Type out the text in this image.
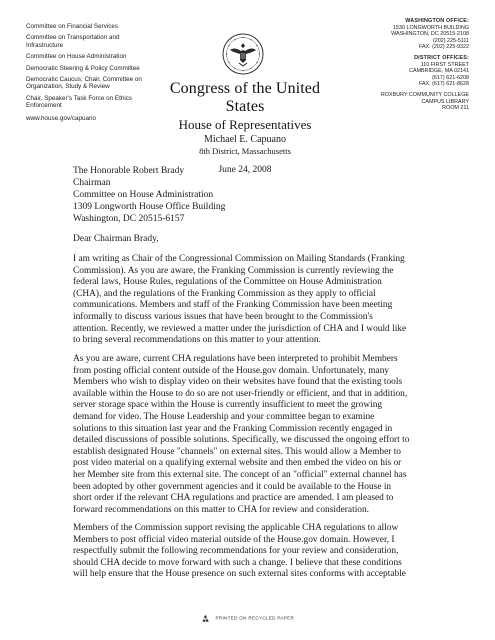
Committee on Financial Services
Committee on Transportation and Infrastructure
Committee on House Administration
Democratic Steering & Policy Committee
Democratic Caucus; Chair, Committee on Organization, Study & Review
Chair, Speaker's Task Force on Ethics Enforcement
www.house.gov/capuano
Congress of the United States
House of Representatives
Michael E. Capuano
8th District, Massachusetts
June 24, 2008
WASHINGTON OFFICE:
1530 LONGWORTH BUILDING
WASHINGTON, DC 20515-2108
(202) 225-5111
FAX: (202) 225-9322
DISTRICT OFFICES:
110 FIRST STREET
CAMBRIDGE, MA 02141
(617) 621-6208
FAX: (617) 621-8628
ROXBURY COMMUNITY COLLEGE
CAMPUS LIBRARY
ROOM 211
The Honorable Robert Brady
Chairman
Committee on House Administration
1309 Longworth House Office Building
Washington, DC 20515-6157
Dear Chairman Brady,
I am writing as Chair of the Congressional Commission on Mailing Standards (Franking
Commission). As you are aware, the Franking Commission is currently reviewing the
federal laws, House Rules, regulations of the Committee on House Administration
(CHA), and the regulations of the Franking Commission as they apply to official
communications. Members and staff of the Franking Commission have been meeting
informally to discuss various issues that have been brought to the Commission's
attention. Recently, we reviewed a matter under the jurisdiction of CHA and I would like
to bring several recommendations on this matter to your attention.
As you are aware, current CHA regulations have been interpreted to prohibit Members
from posting official content outside of the House.gov domain. Unfortunately, many
Members who wish to display video on their websites have found that the existing tools
available within the House to do so are not user-friendly or efficient, and that in addition,
server storage space within the House is currently insufficient to meet the growing
demand for video. The House Leadership and your committee began to examine
solutions to this situation last year and the Franking Commission recently engaged in
detailed discussions of possible solutions. Specifically, we discussed the ongoing effort to
establish designated House "channels" on external sites. This would allow a Member to
post video material on a qualifying external website and then embed the video on his or
her Member site from this external site. The concept of an "official" external channel has
been adopted by other government agencies and it could be available to the House in
short order if the relevant CHA regulations and practice are amended. I am pleased to
forward recommendations on this matter to CHA for review and consideration.
Members of the Commission support revising the applicable CHA regulations to allow
Members to post official video material outside of the House.gov domain. However, I
respectfully submit the following recommendations for your review and consideration,
should CHA decide to move forward with such a change. I believe that these conditions
will help ensure that the House presence on such external sites conforms with acceptable
PRINTED ON RECYCLED PAPER
